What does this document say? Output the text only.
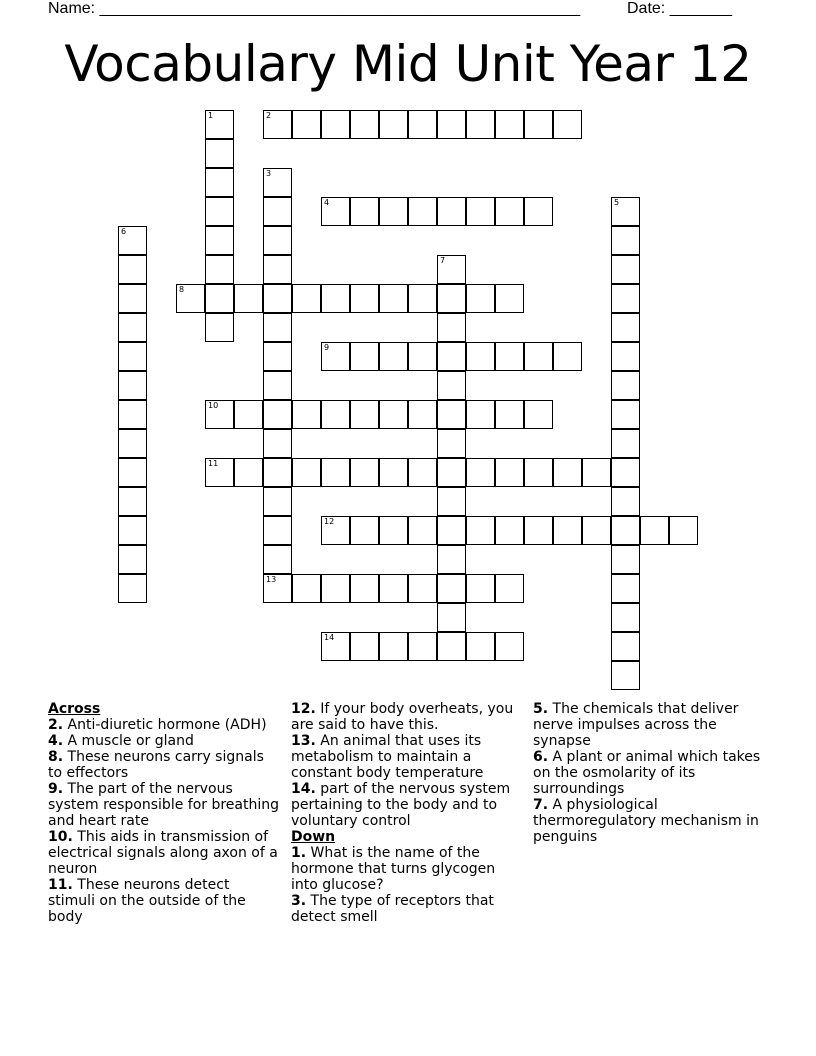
Name: ______________________________________________________	Date: _______
Vocabulary Mid Unit Year 12
1	2
3
4	5
6
7
8
9
10
11
12
13
14
Across
2. Anti-diuretic hormone (ADH)
4. A muscle or gland
8. These neurons carry signals to effectors
9. The part of the nervous system responsible for breathing and heart rate
10. This aids in transmission of electrical signals along axon of a neuron
11. These neurons detect stimuli on the outside of the body
12. If your body overheats, you are said to have this.
13. An animal that uses its metabolism to maintain a constant body temperature
14. part of the nervous system pertaining to the body and to voluntary control
Down
1. What is the name of the hormone that turns glycogen into glucose?
3. The type of receptors that detect smell
5. The chemicals that deliver nerve impulses across the synapse
6. A plant or animal which takes on the osmolarity of its surroundings
7. A physiological thermoregulatory mechanism in penguins
